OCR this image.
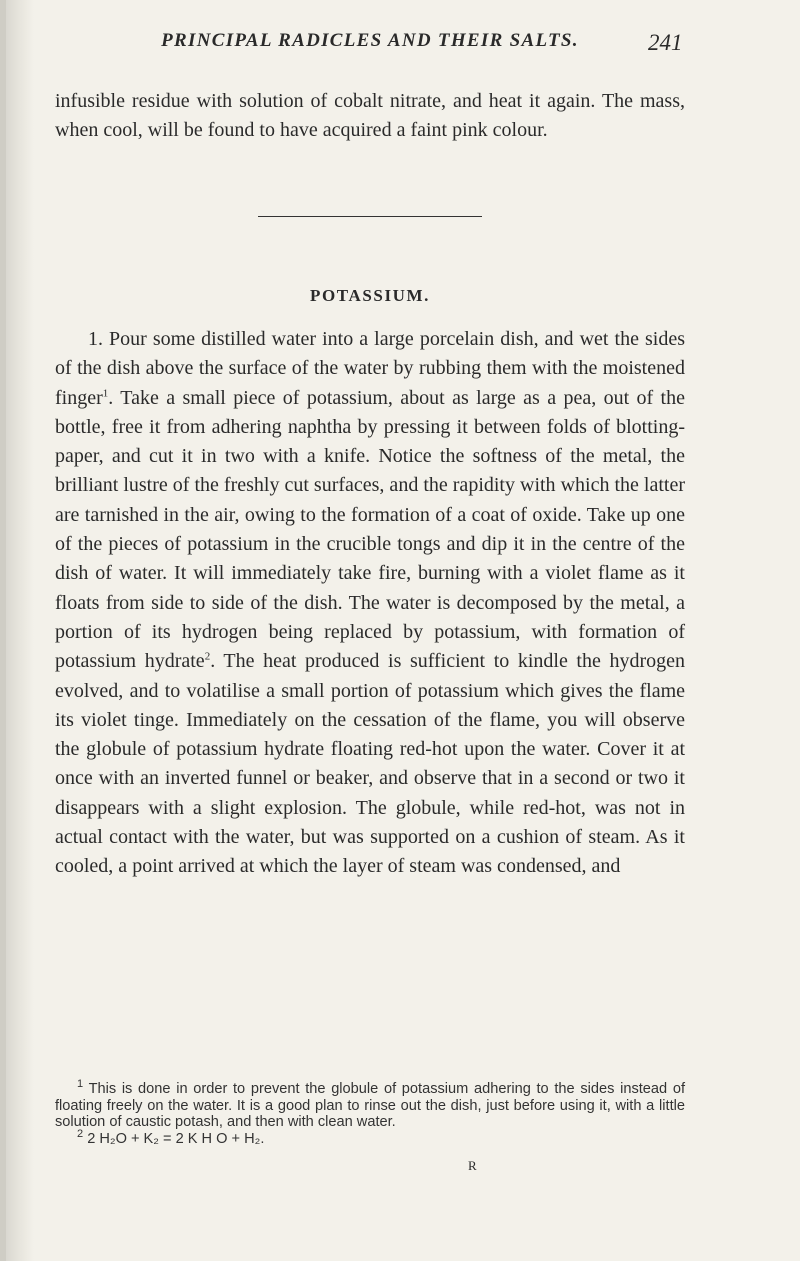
PRINCIPAL RADICLES AND THEIR SALTS.	241
infusible residue with solution of cobalt nitrate, and heat it again. The mass, when cool, will be found to have acquired a faint pink colour.
POTASSIUM.

1. Pour some distilled water into a large porcelain dish, and wet the sides of the dish above the surface of the water by rubbing them with the moistened finger$^1$. Take a small piece of potassium, about as large as a pea, out of the bottle, free it from adhering naphtha by pressing it between folds of blotting-paper, and cut it in two with a knife. Notice the softness of the metal, the brilliant lustre of the freshly cut surfaces, and the rapidity with which the latter are tarnished in the air, owing to the formation of a coat of oxide. Take up one of the pieces of potassium in the crucible tongs and dip it in the centre of the dish of water. It will immediately take fire, burning with a violet flame as it floats from side to side of the dish. The water is decomposed by the metal, a portion of its hydrogen being replaced by potassium, with formation of potassium hydrate$^2$. The heat produced is sufficient to kindle the hydrogen evolved, and to volatilise a small portion of potassium which gives the flame its violet tinge. Immediately on the cessation of the flame, you will observe the globule of potassium hydrate floating red-hot upon the water. Cover it at once with an inverted funnel or beaker, and observe that in a second or two it disappears with a slight explosion. The globule, while red-hot, was not in actual contact with the water, but was supported on a cushion of steam. As it cooled, a point arrived at which the layer of steam was condensed, and

$^1$ This is done in order to prevent the globule of potassium adhering to the sides instead of floating freely on the water. It is a good plan to rinse out the dish, just before using it, with a little solution of caustic potash, and then with clean water.

$^2$ 2 H₂O + K₂ = 2 K H O + H₂.

R
